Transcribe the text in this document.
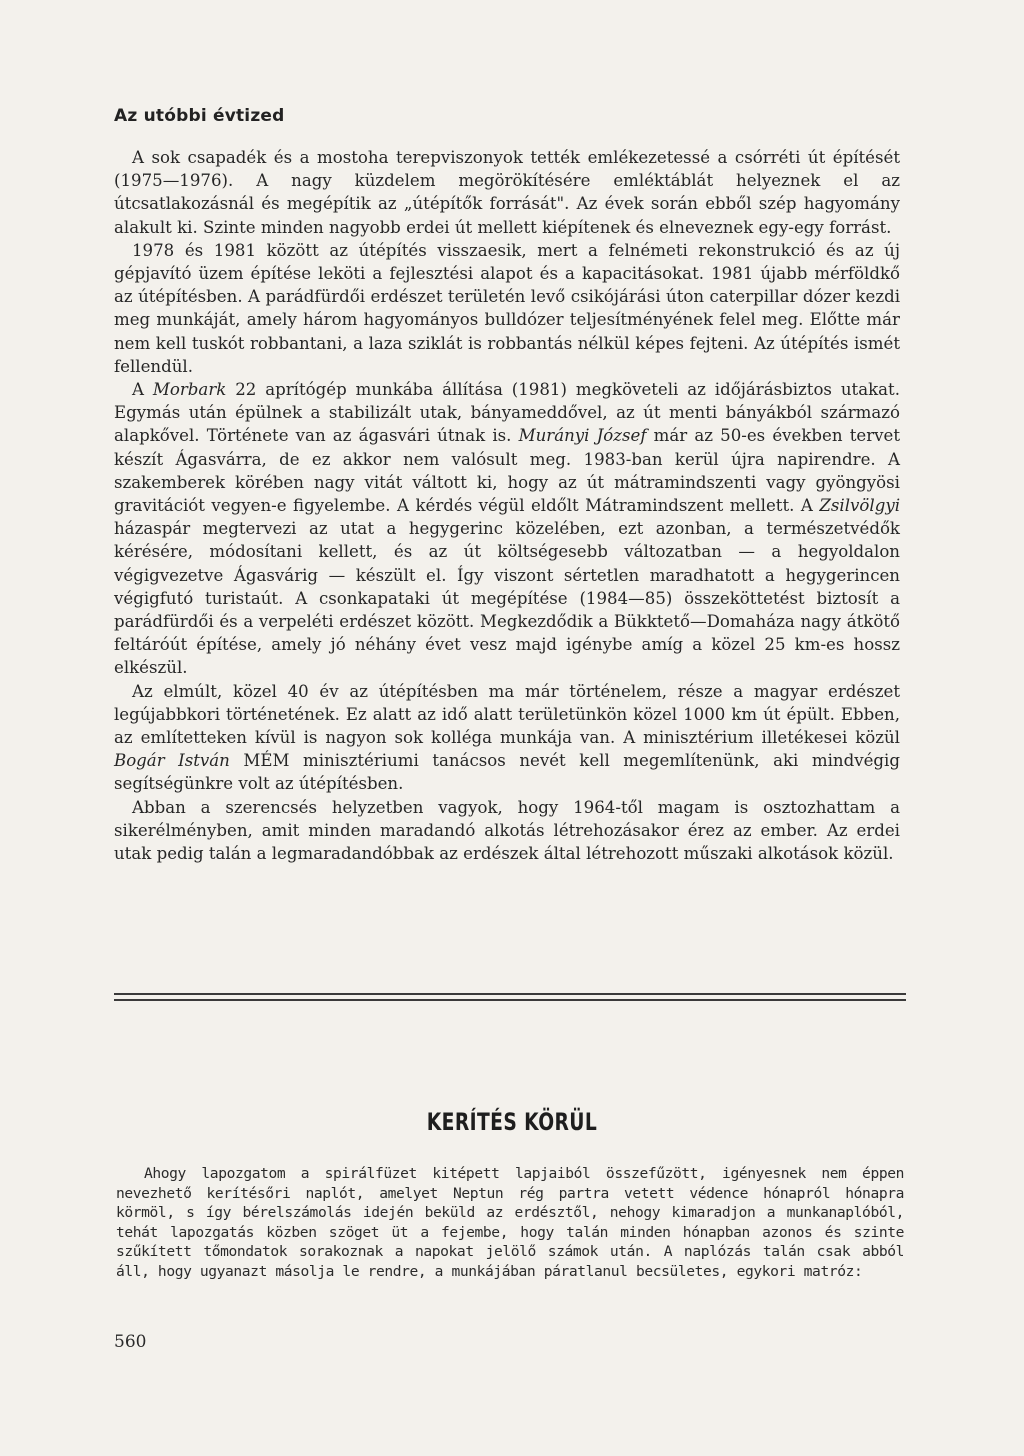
Az utóbbi évtized

A sok csapadék és a mostoha terepviszonyok tették emlékezetessé a csórréti út építését (1975—1976). A nagy küzdelem megörökítésére emléktáblát helyeznek el az útcsatlakozásnál és megépítik az „útépítők forrását". Az évek során ebből szép hagyomány alakult ki. Szinte minden nagyobb erdei út mellett kiépítenek és elneveznek egy-egy forrást.

1978 és 1981 között az útépítés visszaesik, mert a felnémeti rekonstrukció és az új gépjavító üzem építése leköti a fejlesztési alapot és a kapacitásokat. 1981 újabb mérföldkő az útépítésben. A parádfürdői erdészet területén levő csikójárási úton caterpillar dózer kezdi meg munkáját, amely három hagyományos bulldózer teljesítményének felel meg. Előtte már nem kell tuskót robbantani, a laza sziklát is robbantás nélkül képes fejteni. Az útépítés ismét fellendül.

A Morbark 22 aprítógép munkába állítása (1981) megköveteli az időjárásbiztos utakat. Egymás után épülnek a stabilizált utak, bányameddővel, az út menti bányákból származó alapkővel. Története van az ágasvári útnak is. Murányi József már az 50-es években tervet készít Ágasvárra, de ez akkor nem valósult meg. 1983-ban kerül újra napirendre. A szakemberek körében nagy vitát váltott ki, hogy az út mátramindszenti vagy gyöngyösi gravitációt vegyen-e figyelembe. A kérdés végül eldőlt Mátramindszent mellett. A Zsilvölgyi házaspár megtervezi az utat a hegygerinc közelében, ezt azonban, a természetvédők kérésére, módosítani kellett, és az út költségesebb változatban — a hegyoldalon végigvezetve Ágasvárig — készült el. Így viszont sértetlen maradhatott a hegygerincen végigfutó turistaút. A csonkapataki út megépítése (1984—85) összeköttetést biztosít a parádfürdői és a verpeléti erdészet között. Megkezdődik a Bükktető—Domaháza nagy átkötő feltáróút építése, amely jó néhány évet vesz majd igénybe amíg a közel 25 km-es hossz elkészül.

Az elmúlt, közel 40 év az útépítésben ma már történelem, része a magyar erdészet legújabbkori történetének. Ez alatt az idő alatt területünkön közel 1000 km út épült. Ebben, az említetteken kívül is nagyon sok kolléga munkája van. A minisztérium illetékesei közül Bogár István MÉM minisztériumi tanácsos nevét kell megemlítenünk, aki mindvégig segítségünkre volt az útépítésben.

Abban a szerencsés helyzetben vagyok, hogy 1964-től magam is osztozhattam a sikerélményben, amit minden maradandó alkotás létrehozásakor érez az ember. Az erdei utak pedig talán a legmaradandóbbak az erdészek által létrehozott műszaki alkotások közül.

KERÍTÉS KÖRÜL

Ahogy lapozgatom a spirálfüzet kitépett lapjaiból összefűzött, igényesnek nem éppen nevezhető kerítésőri naplót, amelyet Neptun rég partra vetett védence hónapról hónapra körmöl, s így bérelszámolás idején beküld az erdésztől, nehogy kimaradjon a munkanaplóból, tehát lapozgatás közben szöget üt a fejembe, hogy talán minden hónapban azonos és szinte szűkített tőmondatok sorakoznak a napokat jelölő számok után. A naplózás talán csak abból áll, hogy ugyanazt másolja le rendre, a munkájában páratlanul becsületes, egykori matróz:

560
